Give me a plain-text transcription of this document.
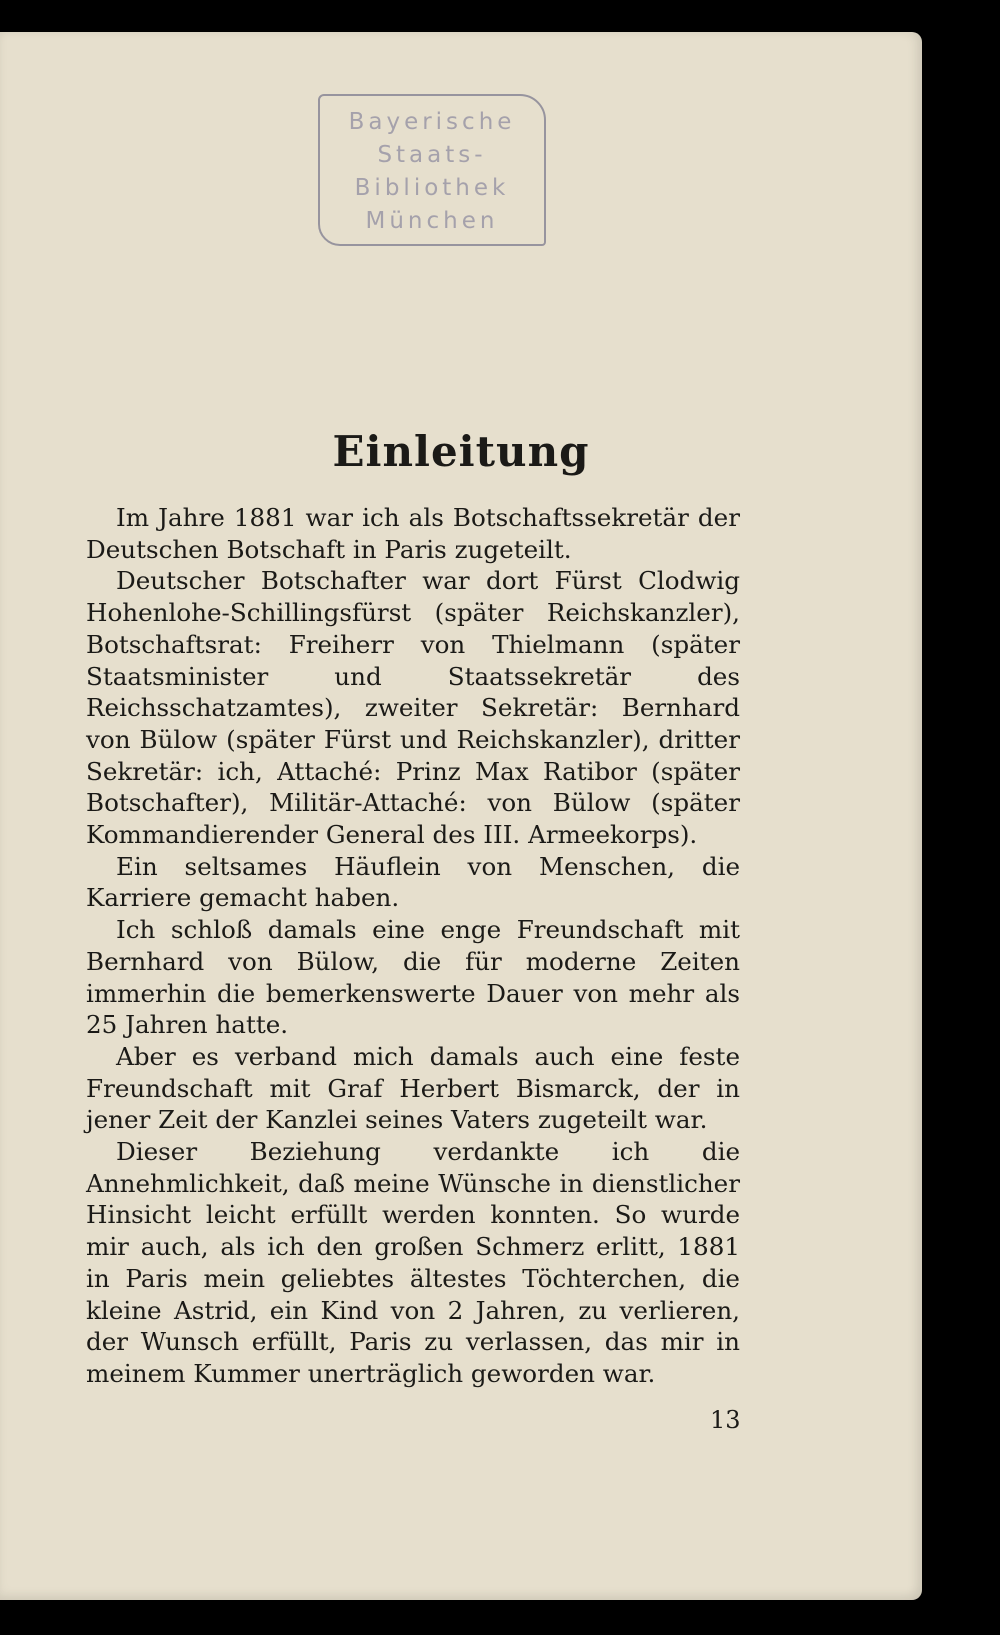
Bayerische
Staats-
Bibliothek
München
Einleitung

Im Jahre 1881 war ich als Botschaftssekretär der Deutschen Botschaft in Paris zugeteilt.

Deutscher Botschafter war dort Fürst Clodwig Hohenlohe-Schillingsfürst (später Reichskanzler), Botschaftsrat: Freiherr von Thielmann (später Staatsminister und Staatssekretär des Reichsschatzamtes), zweiter Sekretär: Bernhard von Bülow (später Fürst und Reichskanzler), dritter Sekretär: ich, Attaché: Prinz Max Ratibor (später Botschafter), Militär-Attaché: von Bülow (später Kommandierender General des III. Armeekorps).

Ein seltsames Häuflein von Menschen, die Karriere gemacht haben.

Ich schloß damals eine enge Freundschaft mit Bernhard von Bülow, die für moderne Zeiten immerhin die bemerkenswerte Dauer von mehr als 25 Jahren hatte.

Aber es verband mich damals auch eine feste Freundschaft mit Graf Herbert Bismarck, der in jener Zeit der Kanzlei seines Vaters zugeteilt war.

Dieser Beziehung verdankte ich die Annehmlichkeit, daß meine Wünsche in dienstlicher Hinsicht leicht erfüllt werden konnten. So wurde mir auch, als ich den großen Schmerz erlitt, 1881 in Paris mein geliebtes ältestes Töchterchen, die kleine Astrid, ein Kind von 2 Jahren, zu verlieren, der Wunsch erfüllt, Paris zu verlassen, das mir in meinem Kummer unerträglich geworden war.

13
